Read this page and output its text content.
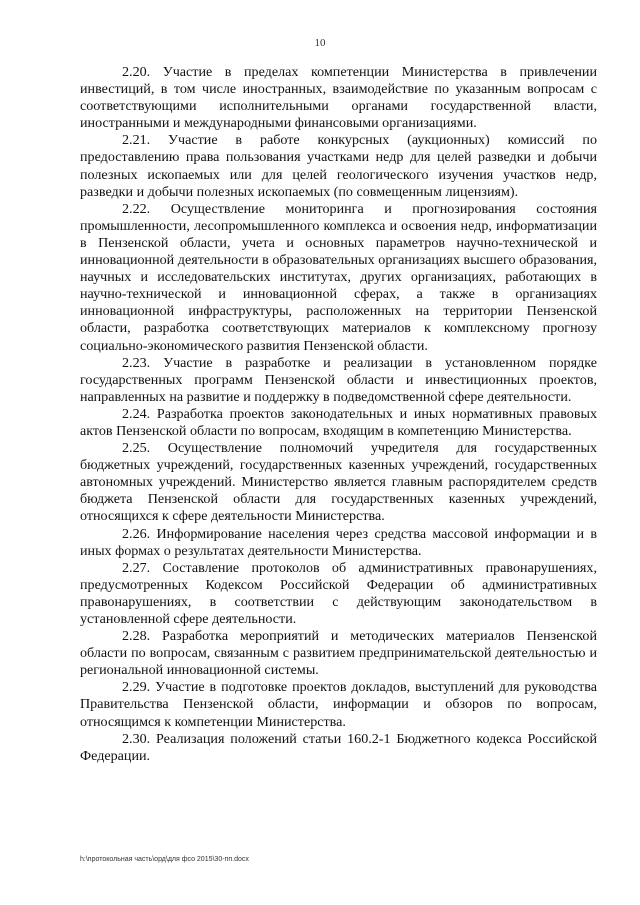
10

2.20. Участие в пределах компетенции Министерства в привлечении инвестиций, в том числе иностранных, взаимодействие по указанным вопросам с соответствующими исполнительными органами государственной власти, иностранными и международными финансовыми организациями.

2.21. Участие в работе конкурсных (аукционных) комиссий по предоставлению права пользования участками недр для целей разведки и добычи полезных ископаемых или для целей геологического изучения участков недр, разведки и добычи полезных ископаемых (по совмещенным лицензиям).

2.22. Осуществление мониторинга и прогнозирования состояния промышленности, лесопромышленного комплекса и освоения недр, информатизации в Пензенской области, учета и основных параметров научно-технической и инновационной деятельности в образовательных организациях высшего образования, научных и исследовательских институтах, других организациях, работающих в научно-технической и инновационной сферах, а также в организациях инновационной инфраструктуры, расположенных на территории Пензенской области, разработка соответствующих материалов к комплексному прогнозу социально-экономического развития Пензенской области.

2.23. Участие в разработке и реализации в установленном порядке государственных программ Пензенской области и инвестиционных проектов, направленных на развитие и поддержку в подведомственной сфере деятельности.

2.24. Разработка проектов законодательных и иных нормативных правовых актов Пензенской области по вопросам, входящим в компетенцию Министерства.

2.25. Осуществление полномочий учредителя для государственных бюджетных учреждений, государственных казенных учреждений, государственных автономных учреждений. Министерство является главным распорядителем средств бюджета Пензенской области для государственных казенных учреждений, относящихся к сфере деятельности Министерства.

2.26. Информирование населения через средства массовой информации и в иных формах о результатах деятельности Министерства.

2.27. Составление протоколов об административных правонарушениях, предусмотренных Кодексом Российской Федерации об административных правонарушениях, в соответствии с действующим законодательством в установленной сфере деятельности.

2.28. Разработка мероприятий и методических материалов Пензенской области по вопросам, связанным с развитием предпринимательской деятельностью и региональной инновационной системы.

2.29. Участие в подготовке проектов докладов, выступлений для руководства Правительства Пензенской области, информации и обзоров по вопросам, относящимся к компетенции Министерства.

2.30. Реализация положений статьи 160.2-1 Бюджетного кодекса Российской Федерации.

h:\протокольная часть\орд\для фсо 2015\30-пп.docx
